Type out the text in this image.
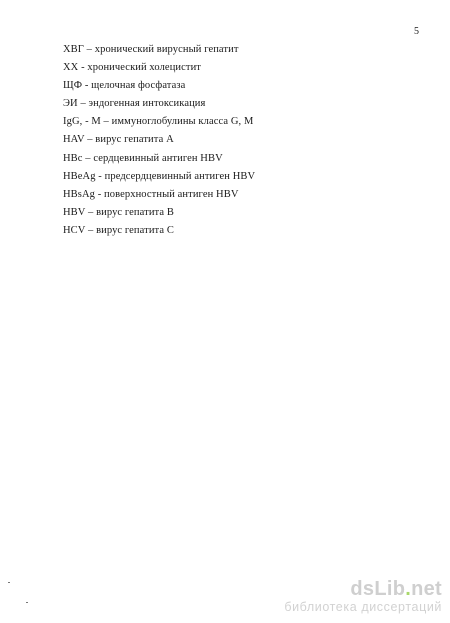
5
ХВГ – хронический вирусный гепатит
ХХ - хронический холецистит
ЩФ - щелочная фосфатаза
ЭИ – эндогенная интоксикация
IgG, - M – иммуноглобулины класса G, M
HAV – вирус гепатита А
HBc – сердцевинный антиген HBV
HBeAg - предсердцевинный антиген HBV
HBsAg - поверхностный антиген HBV
HBV – вирус гепатита В
HCV – вирус гепатита С
dsLib.net
библиотека диссертаций
